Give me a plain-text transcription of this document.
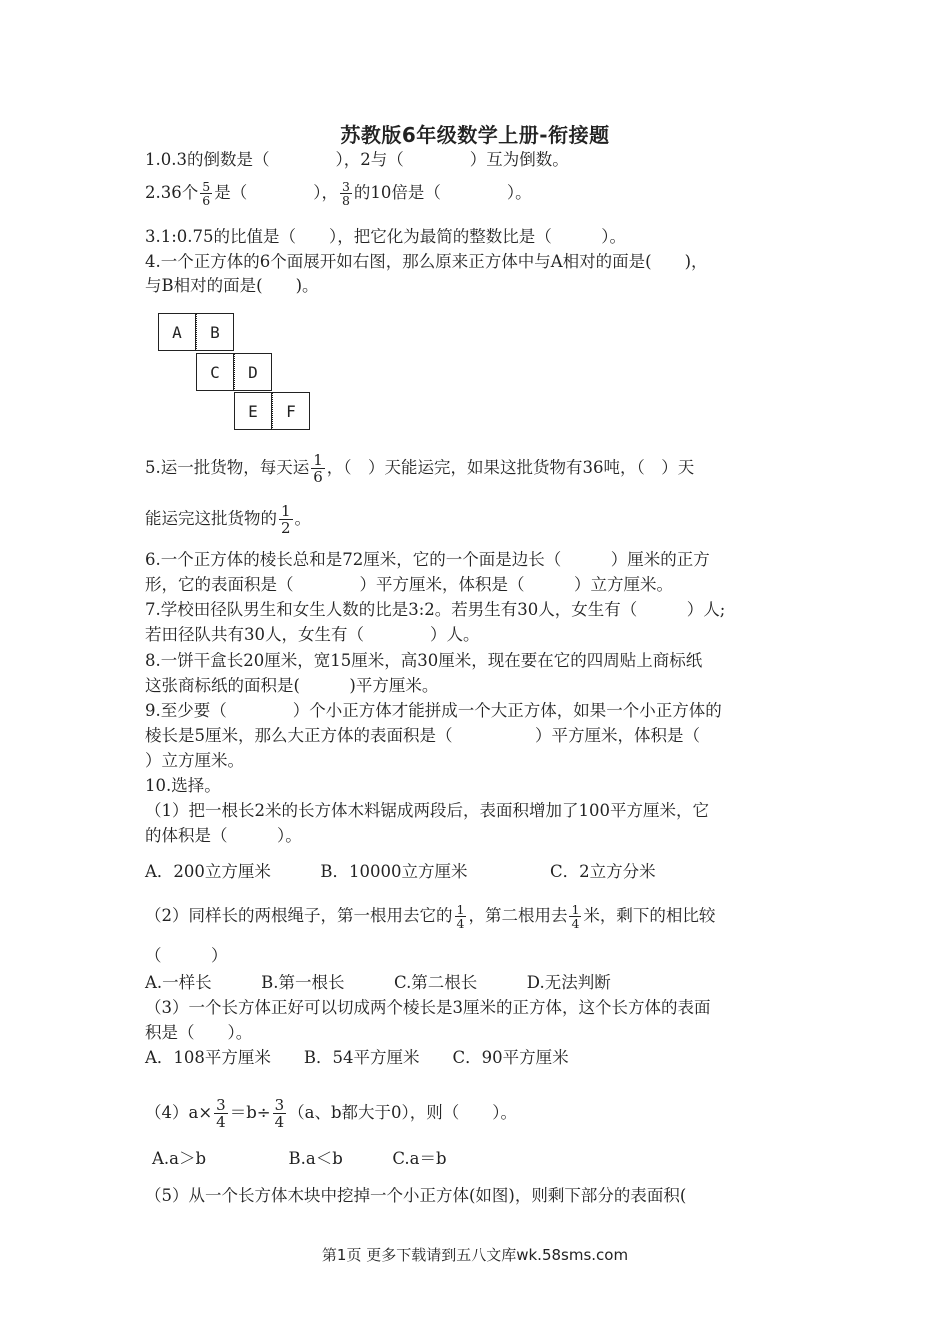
苏教版6年级数学上册-衔接题
1.0.3的倒数是（　　　　），2与（　　　　）互为倒数。
2.36个 $\frac{5}{6}$ 是（　　　　）， $\frac{3}{8}$ 的10倍是（　　　　）。
3.1:0.75的比值是（　　），把它化为最简的整数比是（　　　）。
4.一个正方体的6个面展开如右图，那么原来正方体中与A相对的面是(　　)，
与B相对的面是(　　)。
A	B
C	D
E	F
5.运一批货物，每天运 $\frac{1}{6}$ ，（　）天能运完，如果这批货物有36吨，（　）天
能运完这批货物的 $\frac{1}{2}$ 。
6.一个正方体的棱长总和是72厘米，它的一个面是边长（　　　）厘米的正方
形，它的表面积是（　　　　）平方厘米，体积是（　　　）立方厘米。
7.学校田径队男生和女生人数的比是3:2。若男生有30人，女生有（　　　）人;
若田径队共有30人，女生有（　　　　）人。
8.一饼干盒长20厘米，宽15厘米，高30厘米，现在要在它的四周贴上商标纸
这张商标纸的面积是(　　　)平方厘米。
9.至少要（　　　　）个小正方体才能拼成一个大正方体，如果一个小正方体的
棱长是5厘米，那么大正方体的表面积是（　　　　　）平方厘米，体积是（
）立方厘米。
10.选择。
（1）把一根长2米的长方体木料锯成两段后，表面积增加了100平方厘米，它
的体积是（　　　）。
A．200立方厘米　　　B．10000立方厘米　　　　　C．2立方分米
（2）同样长的两根绳子，第一根用去它的 $\frac{1}{4}$ ，第二根用去 $\frac{1}{4}$ 米，剩下的相比较
（　　　）
A.一样长　　　B.第一根长　　　C.第二根长　　　D.无法判断
（3）一个长方体正好可以切成两个棱长是3厘米的正方体，这个长方体的表面
积是（　　）。
A．108平方厘米　　B．54平方厘米　　C．90平方厘米
$(4)a\times \frac{3}{4} =b\div \frac{3}{4} (a$、b都大于0），则（　　）。
A.a＞b　　　　　B.a＜b　　　C.a＝b
（5）从一个长方体木块中挖掉一个小正方体(如图)，则剩下部分的表面积(
第1页 更多下载请到五八文库wk.58sms.com
